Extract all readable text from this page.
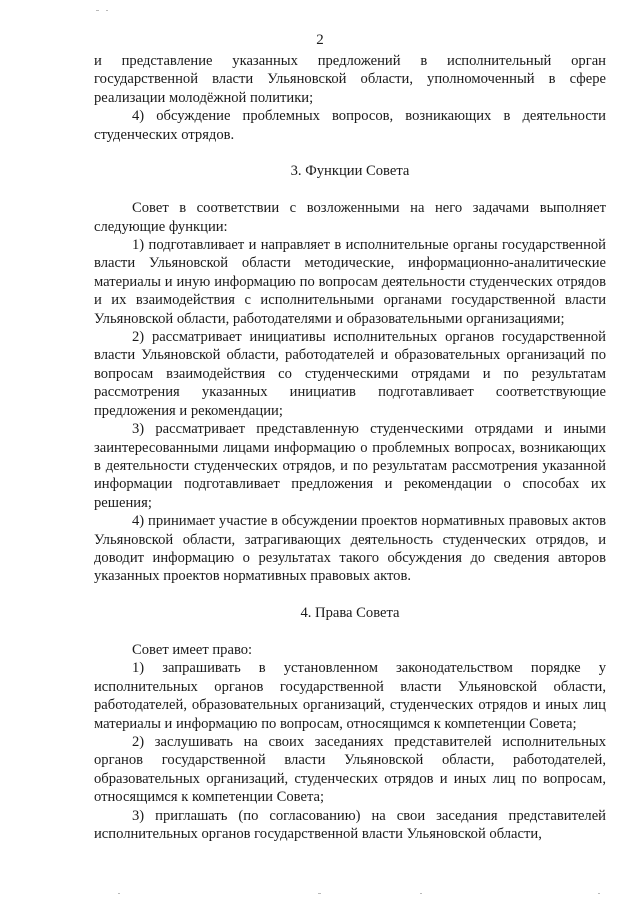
2

и представление указанных предложений в исполнительный орган государственной власти Ульяновской области, уполномоченный в сфере реализации молодёжной политики;

4) обсуждение проблемных вопросов, возникающих в деятельности студенческих отрядов.

3. Функции Совета

Совет в соответствии с возложенными на него задачами выполняет следующие функции:

1) подготавливает и направляет в исполнительные органы государственной власти Ульяновской области методические, информационно-аналитические материалы и иную информацию по вопросам деятельности студенческих отрядов и их взаимодействия с исполнительными органами государственной власти Ульяновской области, работодателями и образовательными организациями;

2) рассматривает инициативы исполнительных органов государственной власти Ульяновской области, работодателей и образовательных организаций по вопросам взаимодействия со студенческими отрядами и по результатам рассмотрения указанных инициатив подготавливает соответствующие предложения и рекомендации;

3) рассматривает представленную студенческими отрядами и иными заинтересованными лицами информацию о проблемных вопросах, возникающих в деятельности студенческих отрядов, и по результатам рассмотрения указанной информации подготавливает предложения и рекомендации о способах их решения;

4) принимает участие в обсуждении проектов нормативных правовых актов Ульяновской области, затрагивающих деятельность студенческих отрядов, и доводит информацию о результатах такого обсуждения до сведения авторов указанных проектов нормативных правовых актов.

4. Права Совета

Совет имеет право:

1) запрашивать в установленном законодательством порядке у исполнительных органов государственной власти Ульяновской области, работодателей, образовательных организаций, студенческих отрядов и иных лиц материалы и информацию по вопросам, относящимся к компетенции Совета;

2) заслушивать на своих заседаниях представителей исполнительных органов государственной власти Ульяновской области, работодателей, образовательных организаций, студенческих отрядов и иных лиц по вопросам, относящимся к компетенции Совета;

3) приглашать (по согласованию) на свои заседания представителей исполнительных органов государственной власти Ульяновской области,
